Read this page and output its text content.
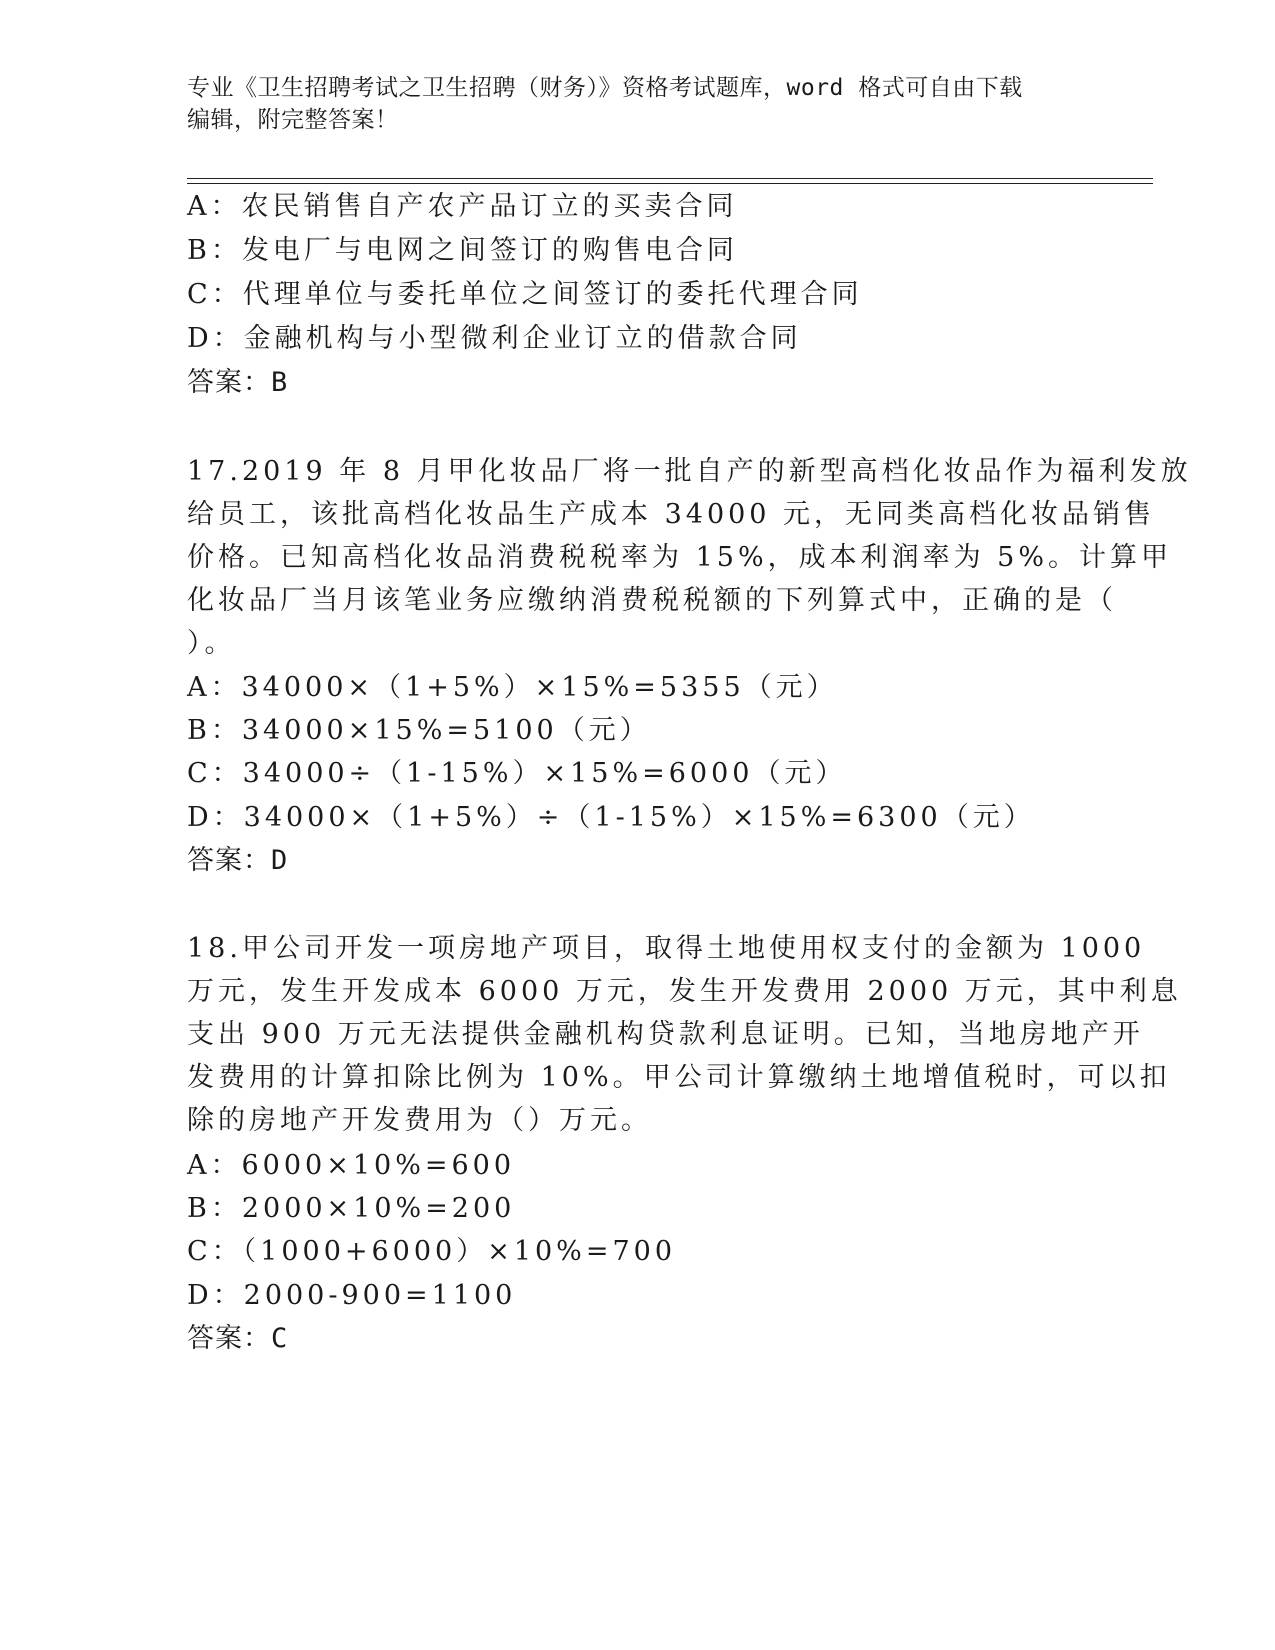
专业《卫生招聘考试之卫生招聘（财务）》资格考试题库，word 格式可自由下载
编辑，附完整答案！
A：农民销售自产农产品订立的买卖合同
B：发电厂与电网之间签订的购售电合同
C：代理单位与委托单位之间签订的委托代理合同
D：金融机构与小型微利企业订立的借款合同
答案：B
17.2019 年 8 月甲化妆品厂将一批自产的新型高档化妆品作为福利发放
给员工，该批高档化妆品生产成本 34000 元，无同类高档化妆品销售
价格。已知高档化妆品消费税税率为 15%，成本利润率为 5%。计算甲
化妆品厂当月该笔业务应缴纳消费税税额的下列算式中，正确的是（
）。
A：34000×（1+5%）×15%=5355（元）
B：34000×15%=5100（元）
C：34000÷（1-15%）×15%=6000（元）
D：34000×（1+5%）÷（1-15%）×15%=6300（元）
答案：D
18.甲公司开发一项房地产项目，取得土地使用权支付的金额为 1000
万元，发生开发成本 6000 万元，发生开发费用 2000 万元，其中利息
支出 900 万元无法提供金融机构贷款利息证明。已知，当地房地产开
发费用的计算扣除比例为 10%。甲公司计算缴纳土地增值税时，可以扣
除的房地产开发费用为（）万元。
A：6000×10%=600
B：2000×10%=200
C：（1000+6000）×10%=700
D：2000-900=1100
答案：C
